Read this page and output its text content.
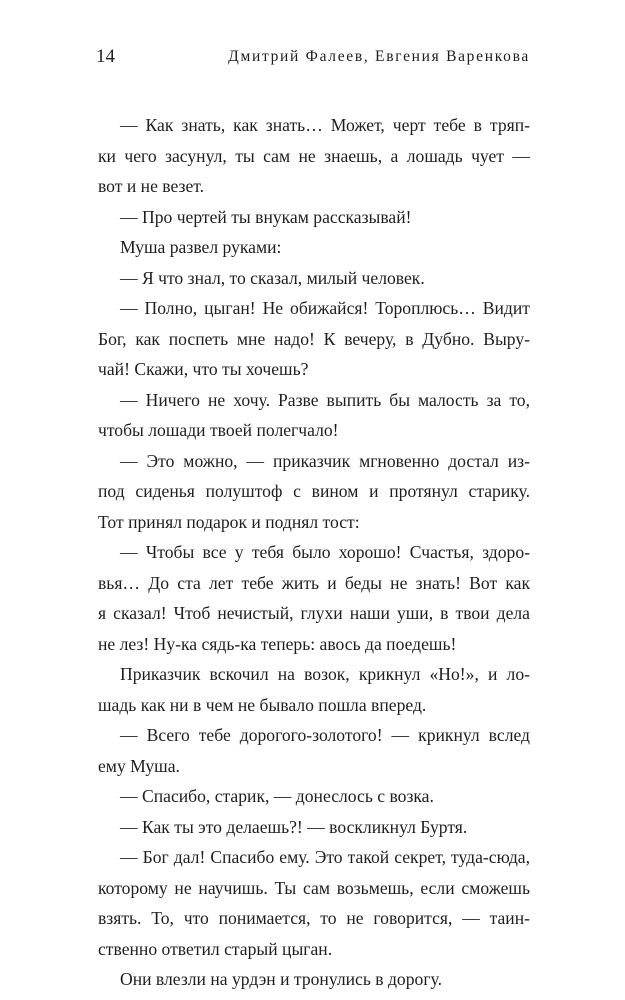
14	Дмитрий Фалеев, Евгения Варенкова
— Как знать, как знать… Может, черт тебе в тряп-
ки чего засунул, ты сам не знаешь, а лошадь чует —
вот и не везет.
— Про чертей ты внукам рассказывай!
Муша развел руками:
— Я что знал, то сказал, милый человек.
— Полно, цыган! Не обижайся! Тороплюсь… Видит
Бог, как поспеть мне надо! К вечеру, в Дубно. Выру-
чай! Скажи, что ты хочешь?
— Ничего не хочу. Разве выпить бы малость за то,
чтобы лошади твоей полегчало!
— Это можно, — приказчик мгновенно достал из-
под сиденья полуштоф с вином и протянул старику.
Тот принял подарок и поднял тост:
— Чтобы все у тебя было хорошо! Счастья, здоро-
вья… До ста лет тебе жить и беды не знать! Вот как
я сказал! Чтоб нечистый, глухи наши уши, в твои дела
не лез! Ну-ка сядь-ка теперь: авось да поедешь!
Приказчик вскочил на возок, крикнул «Но!», и ло-
шадь как ни в чем не бывало пошла вперед.
— Всего тебе дорогого-золотого! — крикнул вслед
ему Муша.
— Спасибо, старик, — донеслось с возка.
— Как ты это делаешь?! — воскликнул Буртя.
— Бог дал! Спасибо ему. Это такой секрет, туда-сюда,
которому не научишь. Ты сам возьмешь, если сможешь
взять. То, что понимается, то не говорится, — таин-
ственно ответил старый цыган.
Они влезли на урдэн и тронулись в дорогу.
